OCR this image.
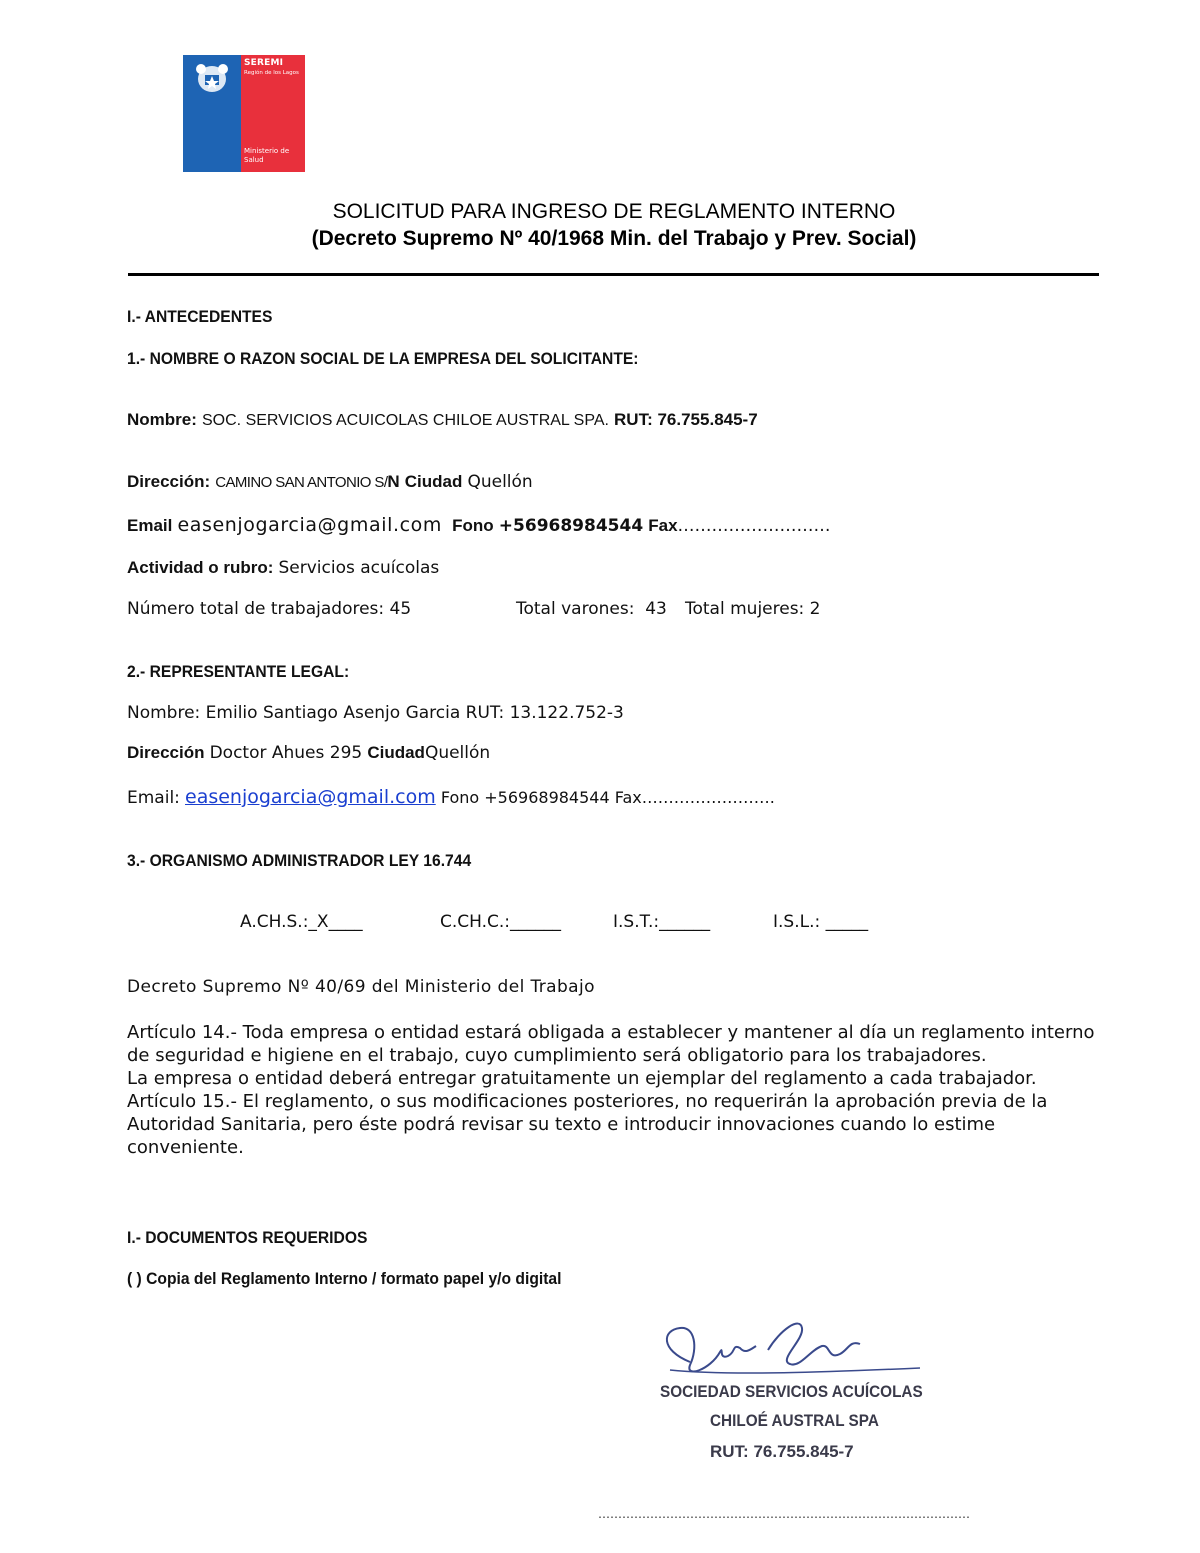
SEREMI
Región de los Lagos
Ministerio de Salud
SOLICITUD PARA INGRESO DE REGLAMENTO INTERNO
(Decreto Supremo Nº 40/1968 Min. del Trabajo y Prev. Social)
I.- ANTECEDENTES
1.- NOMBRE O RAZON SOCIAL DE LA EMPRESA DEL SOLICITANTE:
Nombre: SOC. SERVICIOS ACUICOLAS CHILOE AUSTRAL SPA. RUT: 76.755.845-7
Dirección: CAMINO SAN ANTONIO S/N Ciudad Quellón
Email easenjogarcia@gmail.com Fono +56968984544 Fax………………………
Actividad o rubro: Servicios acuícolas
Número total de trabajadores: 45	Total varones:  43 Total mujeres: 2
2.- REPRESENTANTE LEGAL:
Nombre: Emilio Santiago Asenjo Garcia RUT: 13.122.752-3
Dirección Doctor Ahues 295 CiudadQuellón
Email: easenjogarcia@gmail.com Fono +56968984544 Fax…………………….
3.- ORGANISMO ADMINISTRADOR LEY 16.744
A.CH.S.:_X____	C.CH.C.:______	I.S.T.:______	I.S.L.: _____
Decreto Supremo Nº 40/69 del Ministerio del Trabajo
Artículo 14.- Toda empresa o entidad estará obligada a establecer y mantener al día un reglamento interno de seguridad e higiene en el trabajo, cuyo cumplimiento será obligatorio para los trabajadores.
La empresa o entidad deberá entregar gratuitamente un ejemplar del reglamento a cada trabajador.
Artículo 15.- El reglamento, o sus modificaciones posteriores, no requerirán la aprobación previa de la Autoridad Sanitaria, pero éste podrá revisar su texto e introducir innovaciones cuando lo estime conveniente.
I.- DOCUMENTOS REQUERIDOS
( ) Copia del Reglamento Interno / formato papel y/o digital
SOCIEDAD SERVICIOS ACUÍCOLAS
CHILOÉ AUSTRAL SPA
RUT: 76.755.845-7
…………………………………………………………………………………
